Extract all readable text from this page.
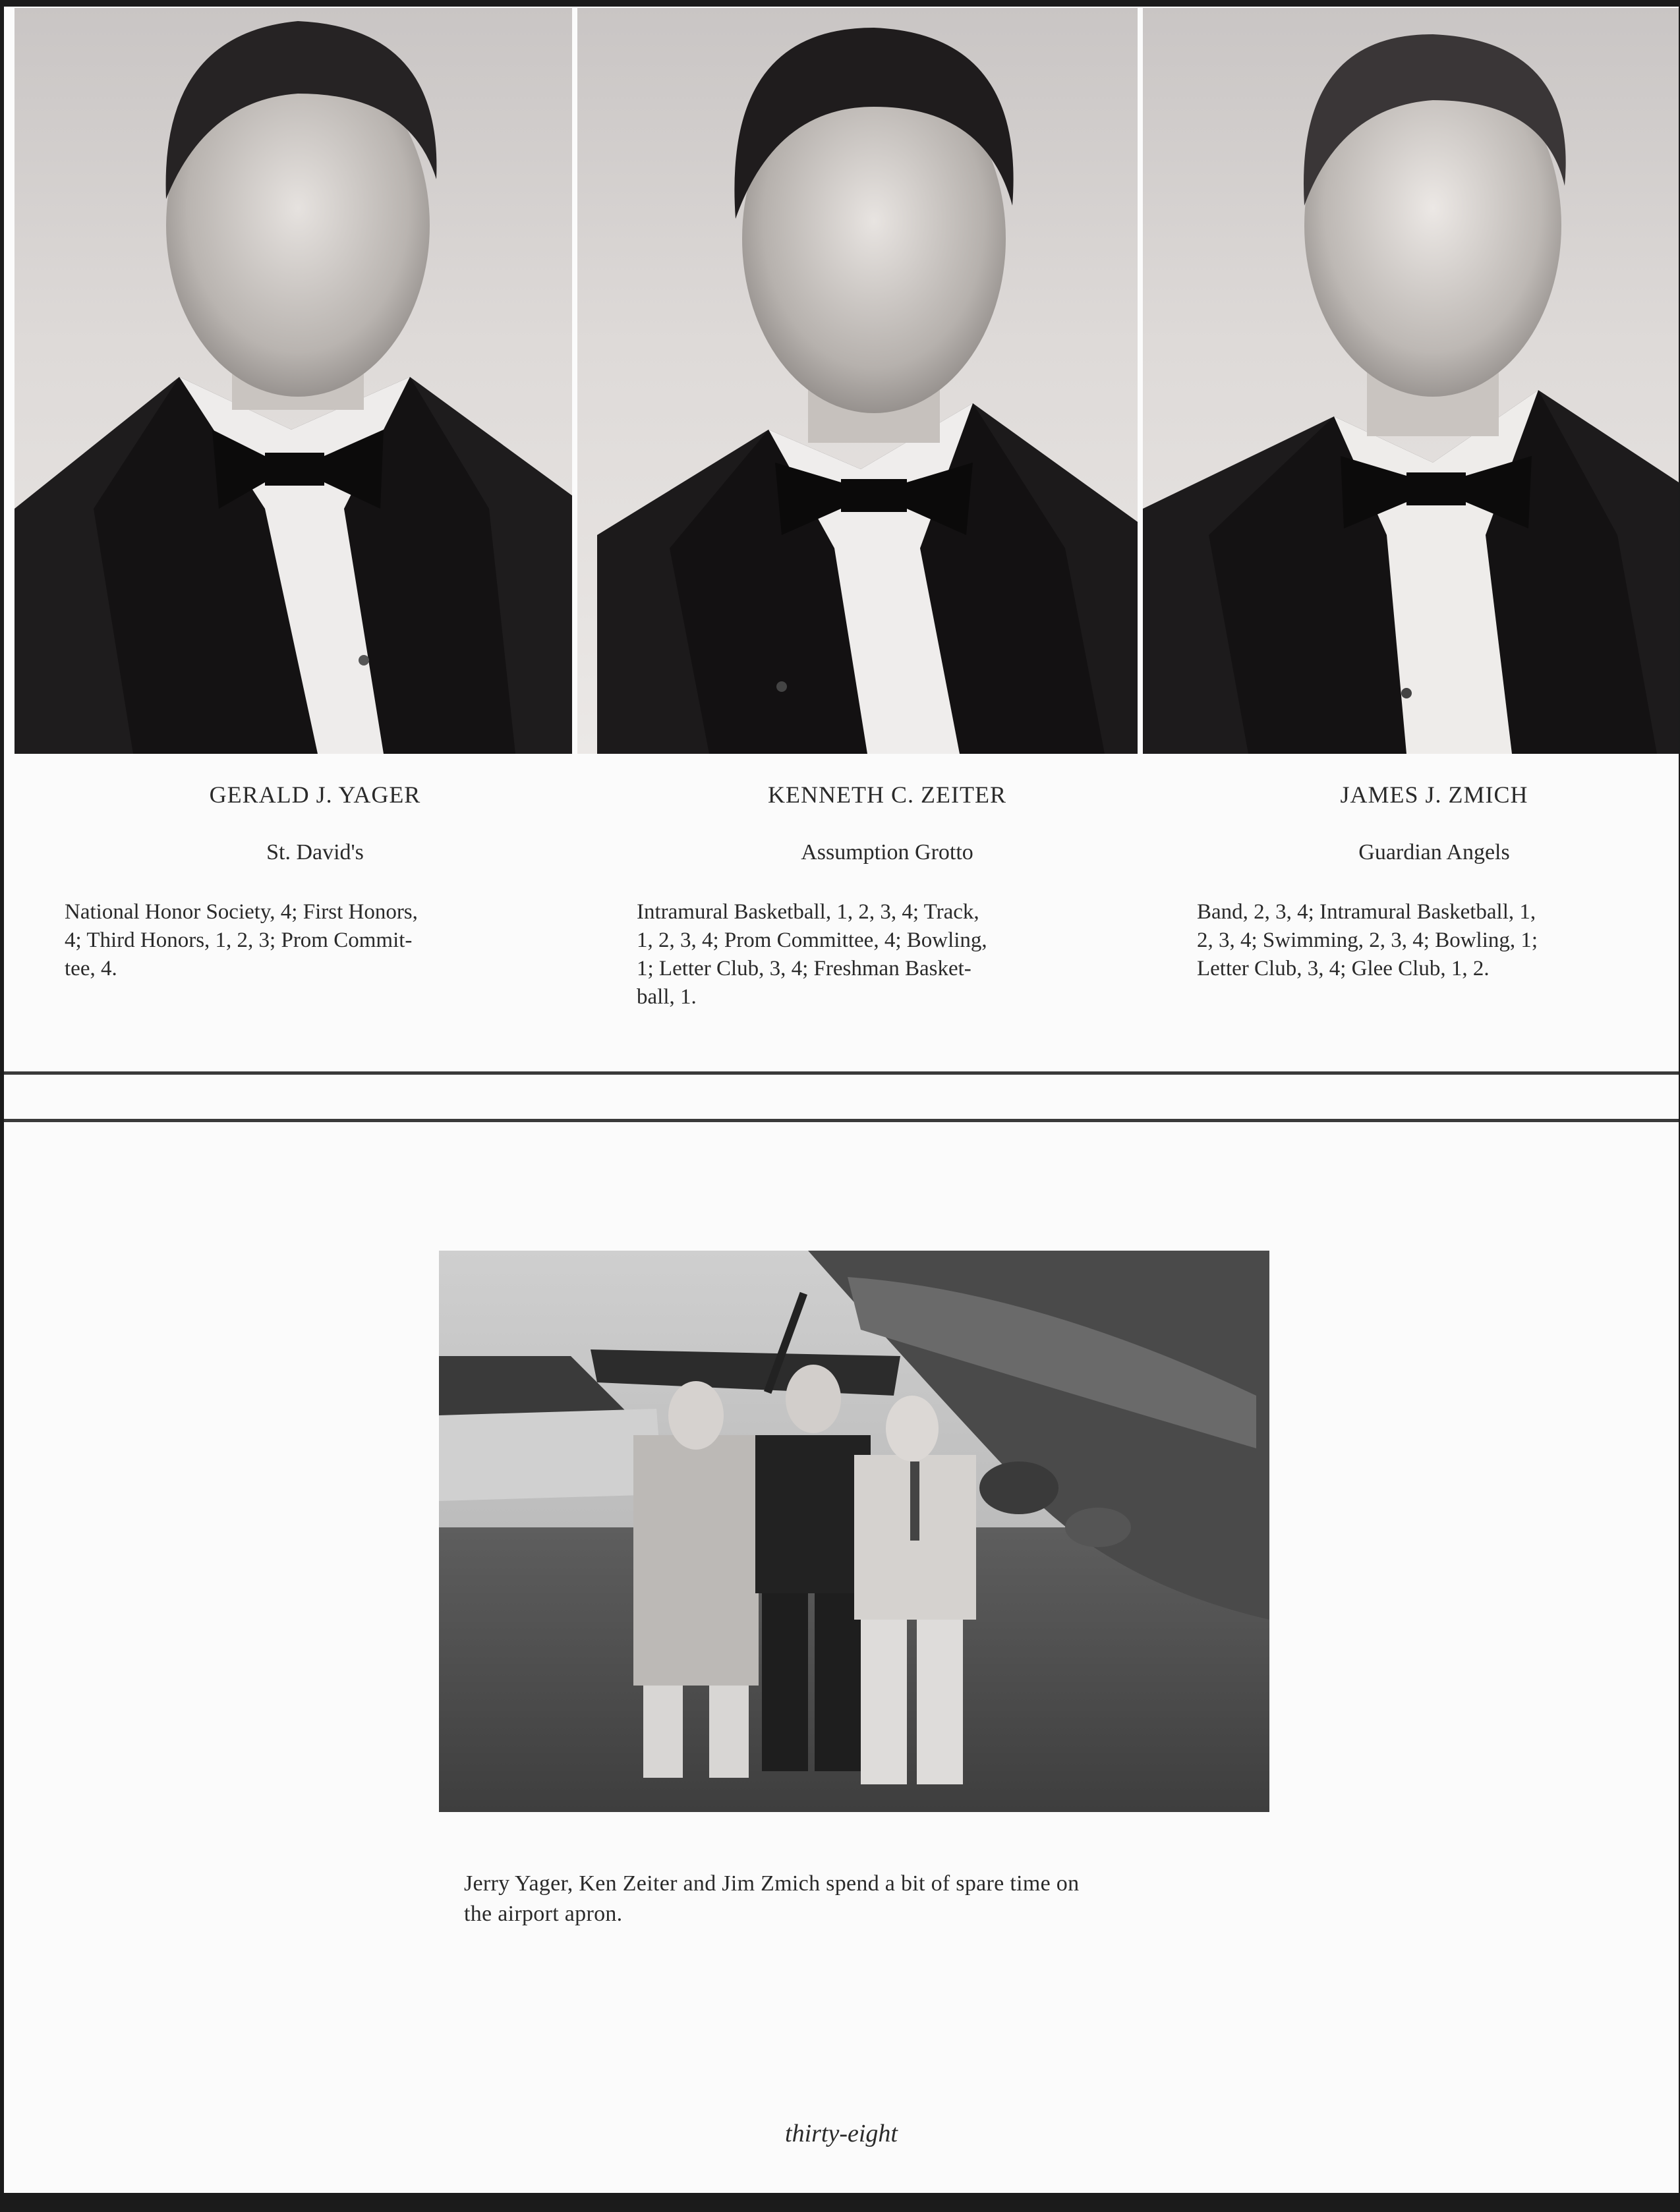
GERALD J. YAGER
St. David's
National Honor Society, 4; First Honors,
4; Third Honors, 1, 2, 3; Prom Commit-
tee, 4.
KENNETH C. ZEITER
Assumption Grotto
Intramural Basketball, 1, 2, 3, 4; Track,
1, 2, 3, 4; Prom Committee, 4; Bowling,
1; Letter Club, 3, 4; Freshman Basket-
ball, 1.
JAMES J. ZMICH
Guardian Angels
Band, 2, 3, 4; Intramural Basketball, 1,
2, 3, 4; Swimming, 2, 3, 4; Bowling, 1;
Letter Club, 3, 4; Glee Club, 1, 2.
Jerry Yager, Ken Zeiter and Jim Zmich spend a bit of spare time on
the airport apron.
thirty-eight
